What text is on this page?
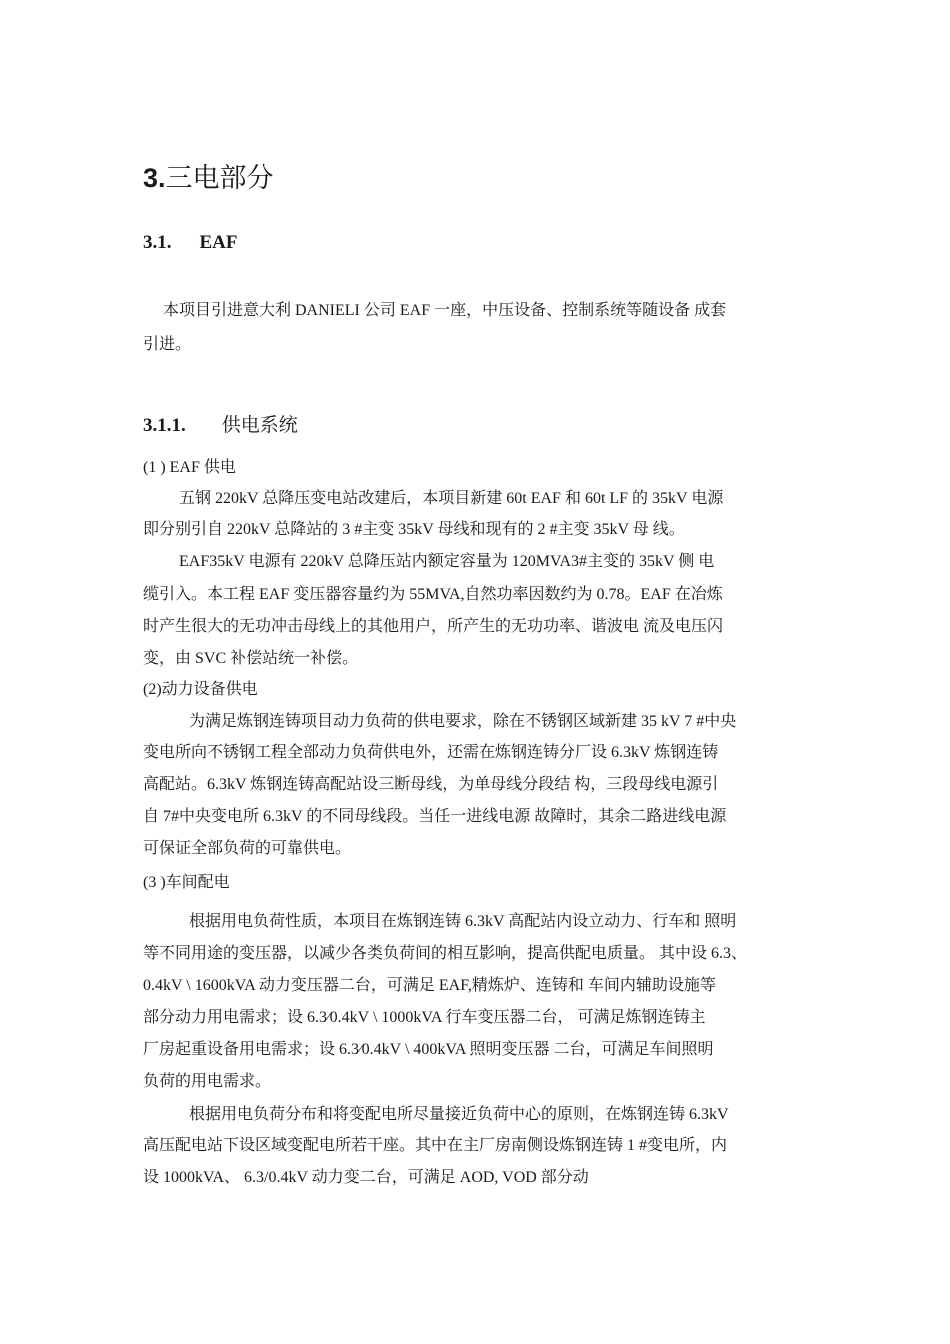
3.三电部分
3.1. EAF
本项目引进意大利 DANIELI 公司 EAF 一座，中压设备、控制系统等随设备 成套
引进。
3.1.1. 供电系统
(1 ) EAF 供电
五钢 220kV 总降压变电站改建后，本项目新建 60t EAF 和 60t LF 的 35kV 电源
即分别引自 220kV 总降站的 3 #主变 35kV 母线和现有的 2 #主变 35kV 母 线。
EAF35kV 电源有 220kV 总降压站内额定容量为 120MVA3#主变的 35kV 侧 电
缆引入。本工程 EAF 变压器容量约为 55MVA,自然功率因数约为 0.78。EAF 在冶炼
时产生很大的无功冲击母线上的其他用户，所产生的无功功率、谐波电 流及电压闪
变，由 SVC 补偿站统一补偿。
(2)动力设备供电
为满足炼钢连铸项目动力负荷的供电要求，除在不锈钢区域新建 35 kV 7 #中央
变电所向不锈钢工程全部动力负荷供电外，还需在炼钢连铸分厂设 6.3kV 炼钢连铸
高配站。6.3kV 炼钢连铸高配站设三断母线，为单母线分段结 构，三段母线电源引
自 7#中央变电所 6.3kV 的不同母线段。当任一进线电源 故障时，其余二路进线电源
可保证全部负荷的可靠供电。
(3 )车间配电
根据用电负荷性质，本项目在炼钢连铸 6.3kV 高配站内设立动力、行车和 照明
等不同用途的变压器，以减少各类负荷间的相互影响，提高供配电质量。 其中设 6.3、
0.4kV \ 1600kVA 动力变压器二台，可满足 EAF,精炼炉、连铸和 车间内辅助设施等
部分动力用电需求；设 6.3⁄0.4kV \ 1000kVA 行车变压器二台， 可满足炼钢连铸主
厂房起重设备用电需求；设 6.3⁄0.4kV \ 400kVA 照明变压器 二台，可满足车间照明
负荷的用电需求。
根据用电负荷分布和将变配电所尽量接近负荷中心的原则，在炼钢连铸 6.3kV
高压配电站下设区域变配电所若干座。其中在主厂房南侧设炼钢连铸 1 #变电所，内
设 1000kVA、 6.3/0.4kV 动力变二台，可满足 AOD, VOD 部分动
